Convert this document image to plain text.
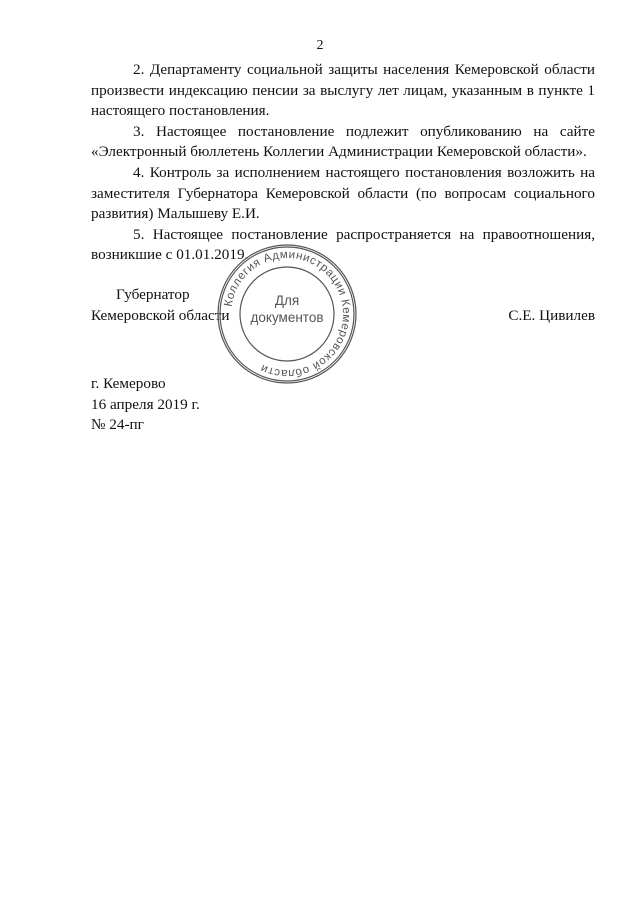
2

2. Департаменту социальной защиты населения Кемеровской области произвести индексацию пенсии за выслугу лет лицам, указанным в пункте 1 настоящего постановления.

3. Настоящее постановление подлежит опубликованию на сайте «Электронный бюллетень Коллегии Администрации Кемеровской области».

4. Контроль за исполнением настоящего постановления возложить на заместителя Губернатора Кемеровской области (по вопросам социального развития) Малышеву Е.И.

5. Настоящее постановление распространяется на правоотношения, возникшие с 01.01.2019.

Губернатор
Кемеровской области	С.Е. Цивилев
Коллегия Администрации Кемеровской области
Для
документов
г. Кемерово
16 апреля 2019 г.
№ 24-пг
